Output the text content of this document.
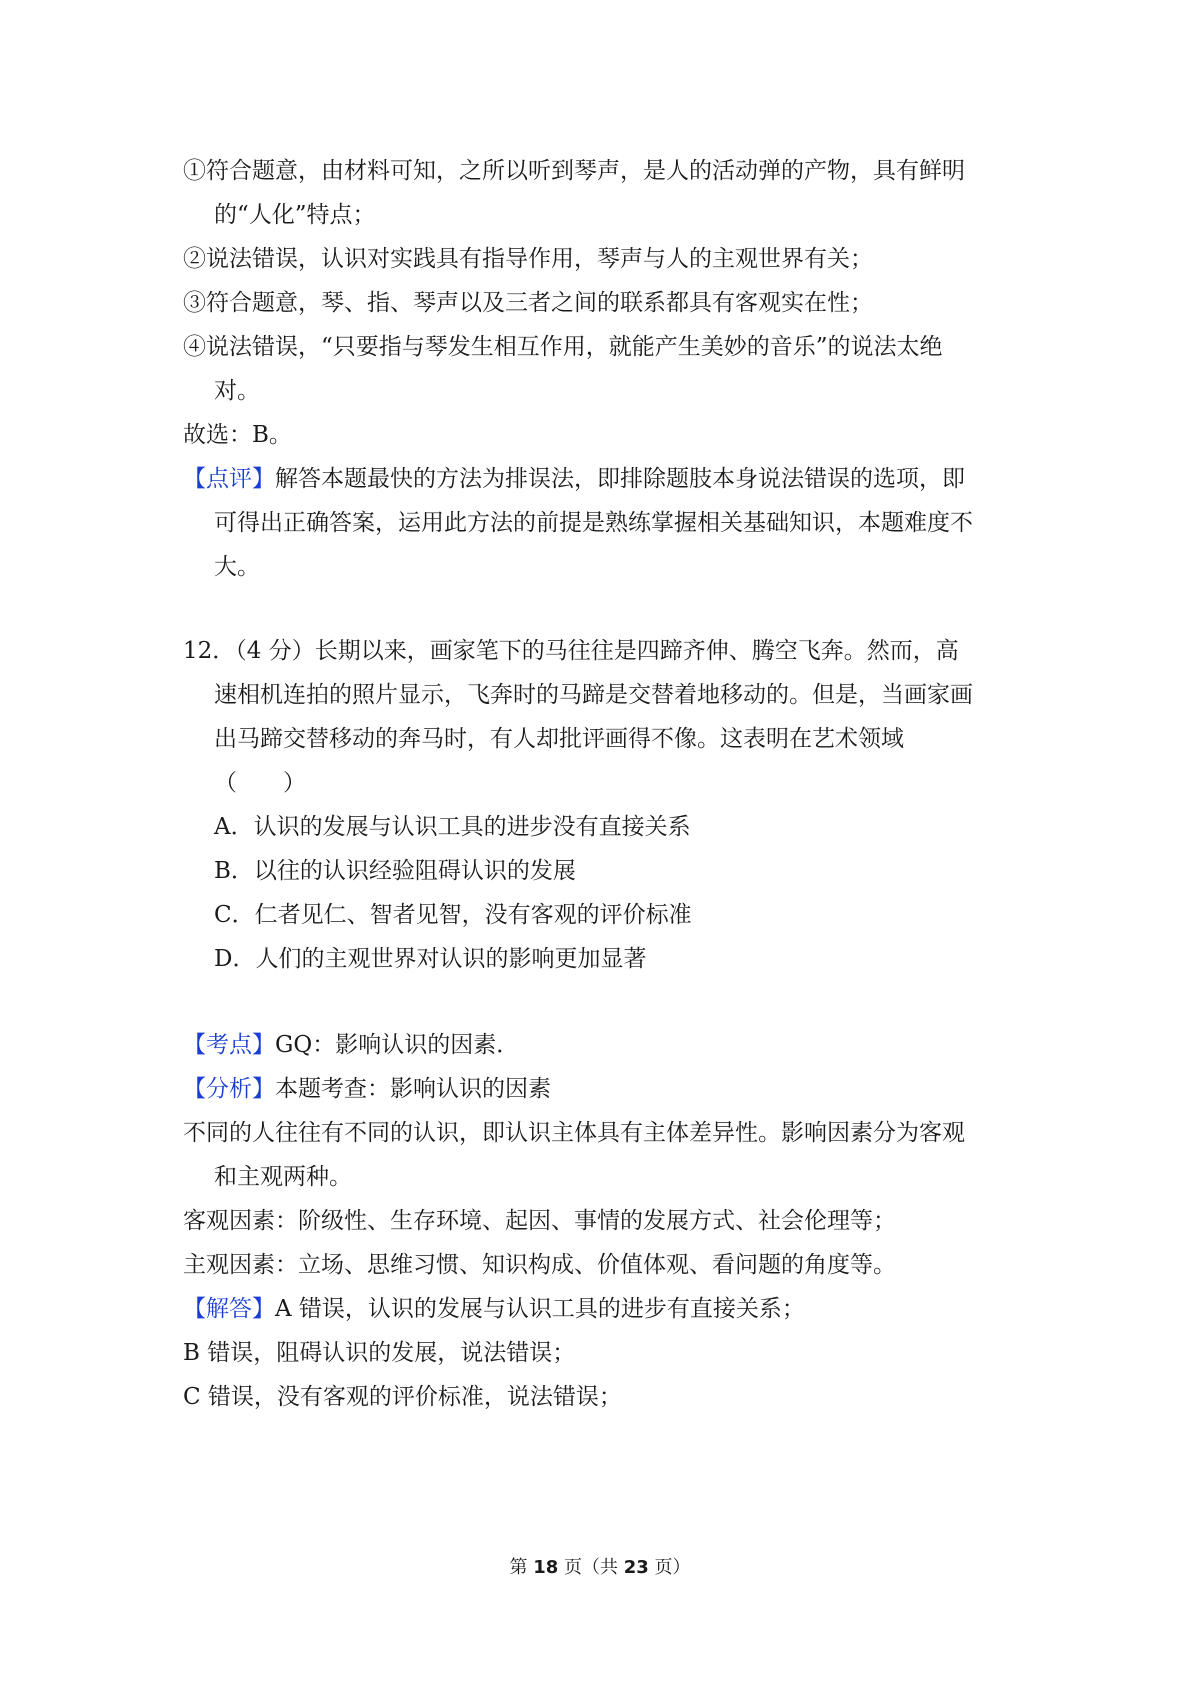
①符合题意，由材料可知，之所以听到琴声，是人的活动弹的产物，具有鲜明

的“人化”特点；

②说法错误，认识对实践具有指导作用，琴声与人的主观世界有关；

③符合题意，琴、指、琴声以及三者之间的联系都具有客观实在性；

④说法错误，“只要指与琴发生相互作用，就能产生美妙的音乐”的说法太绝

对。

故选：B。

【点评】解答本题最快的方法为排误法，即排除题肢本身说法错误的选项，即

可得出正确答案，运用此方法的前提是熟练掌握相关基础知识，本题难度不

大。

12．（4 分）长期以来，画家笔下的马往往是四蹄齐伸、腾空飞奔。然而，高

速相机连拍的照片显示，飞奔时的马蹄是交替着地移动的。但是，当画家画

出马蹄交替移动的奔马时，有人却批评画得不像。这表明在艺术领域

（　　）

A．认识的发展与认识工具的进步没有直接关系

B．以往的认识经验阻碍认识的发展

C．仁者见仁、智者见智，没有客观的评价标准

D．人们的主观世界对认识的影响更加显著

【考点】GQ：影响认识的因素．

【分析】本题考查：影响认识的因素

不同的人往往有不同的认识，即认识主体具有主体差异性。影响因素分为客观

和主观两种。

客观因素：阶级性、生存环境、起因、事情的发展方式、社会伦理等；

主观因素：立场、思维习惯、知识构成、价值体观、看问题的角度等。

【解答】A 错误，认识的发展与认识工具的进步有直接关系；

B 错误，阻碍认识的发展，说法错误；

C 错误，没有客观的评价标准，说法错误；

第 18 页（共 23 页）
